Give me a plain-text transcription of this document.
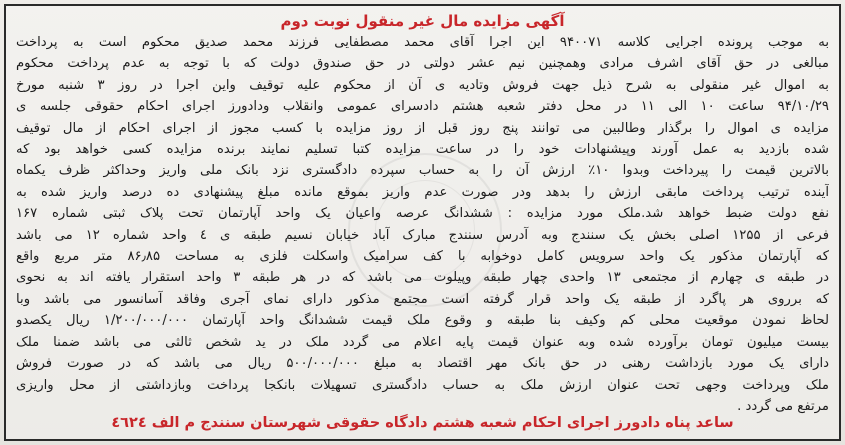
آگهی مزایده مال غیر منقول نوبت دوم
به موجب پرونده اجرایی کلاسه ۹۴۰۰۷۱ این اجرا آقای محمد مصطفایی فرزند محمد صدیق محکوم است به پرداخت
مبالغی در حق آقای اشرف مرادی وهمچنین نیم عشر دولتی در حق صندوق دولت که با توجه به عدم پرداخت محکوم
به اموال غیر منقولی به شرح ذیل جهت فروش وتادیه ی آن از محکوم علیه توقیف واین اجرا در روز ۳ شنبه مورخ
۹۴/۱۰/۲۹ ساعت ۱۰ الی ۱۱ در محل دفتر شعبه هشتم دادسرای عمومی وانقلاب ودادورز اجرای احکام حقوقی جلسه ی
مزایده ی اموال را برگذار وطالبین می توانند پنج روز قبل از روز مزایده با کسب مجوز از اجرای احکام از مال توقیف
شده بازدید به عمل آورند وپیشنهادات خود را در ساعت مزایده کتبا تسلیم نمایند برنده مزایده کسی خواهد بود که
بالاترین قیمت را پیرداخت وبدوا ۱۰٪ ارزش آن را به حساب سپرده دادگستری نزد بانک ملی واریز وحداکثر ظرف یکماه
آینده ترتیب پرداخت مابقی ارزش را بدهد ودر صورت عدم واریز بموقع مانده مبلغ پیشنهادی ده درصد واریز شده به
نفع دولت ضبط خواهد شد.ملک مورد مزایده : ششدانگ عرصه واعیان یک واحد آپارتمان تحت پلاک ثبتی شماره ۱۶۷
فرعی از ۱۲۵۵ اصلی بخش یک سنندج وبه آدرس سنندج مبارک آباد خیابان نسیم طبقه ی ٤ واحد شماره ۱۲ می باشد
که آپارتمان مذکور یک واحد سرویس کامل دوخوابه با کف سرامیک واسکلت فلزی به مساحت ۸۶٫۸۵ متر مربع واقع
در طبقه ی چهارم از مجتمعی ۱۳ واحدی چهار طبقه وپیلوت می باشد که در هر طبقه ۳ واحد استقرار یافته اند به نحوی
که برروی هر پاگرد از طبقه یک واحد قرار گرفته است مجتمع مذکور دارای نمای آجری وفاقد آسانسور می باشد وبا
لحاظ نمودن موقعیت محلی کم وکیف بنا طبقه و وقوع ملک قیمت ششدانگ واحد آپارتمان ۱/۲۰۰/۰۰۰/۰۰۰ ریال یکصدو
بیست میلیون تومان برآورده شده وبه عنوان قیمت پایه اعلام می گردد ملک در ید شخص ثالثی می باشد ضمنا ملک
دارای یک مورد بازداشت رهنی در حق بانک مهر اقتصاد به مبلغ ۵۰۰/۰۰۰/۰۰۰ ریال می باشد که در صورت فروش
ملک وپرداخت وجهی تحت عنوان ارزش ملک به حساب دادگستری تسهیلات بانکجا پرداخت وبازداشتی از محل واریزی
مرتفع می گردد .
ساعد پناه دادورز اجرای احکام شعبه هشتم دادگاه حقوقی شهرستان سنندج م الف ٤٦٢٤
